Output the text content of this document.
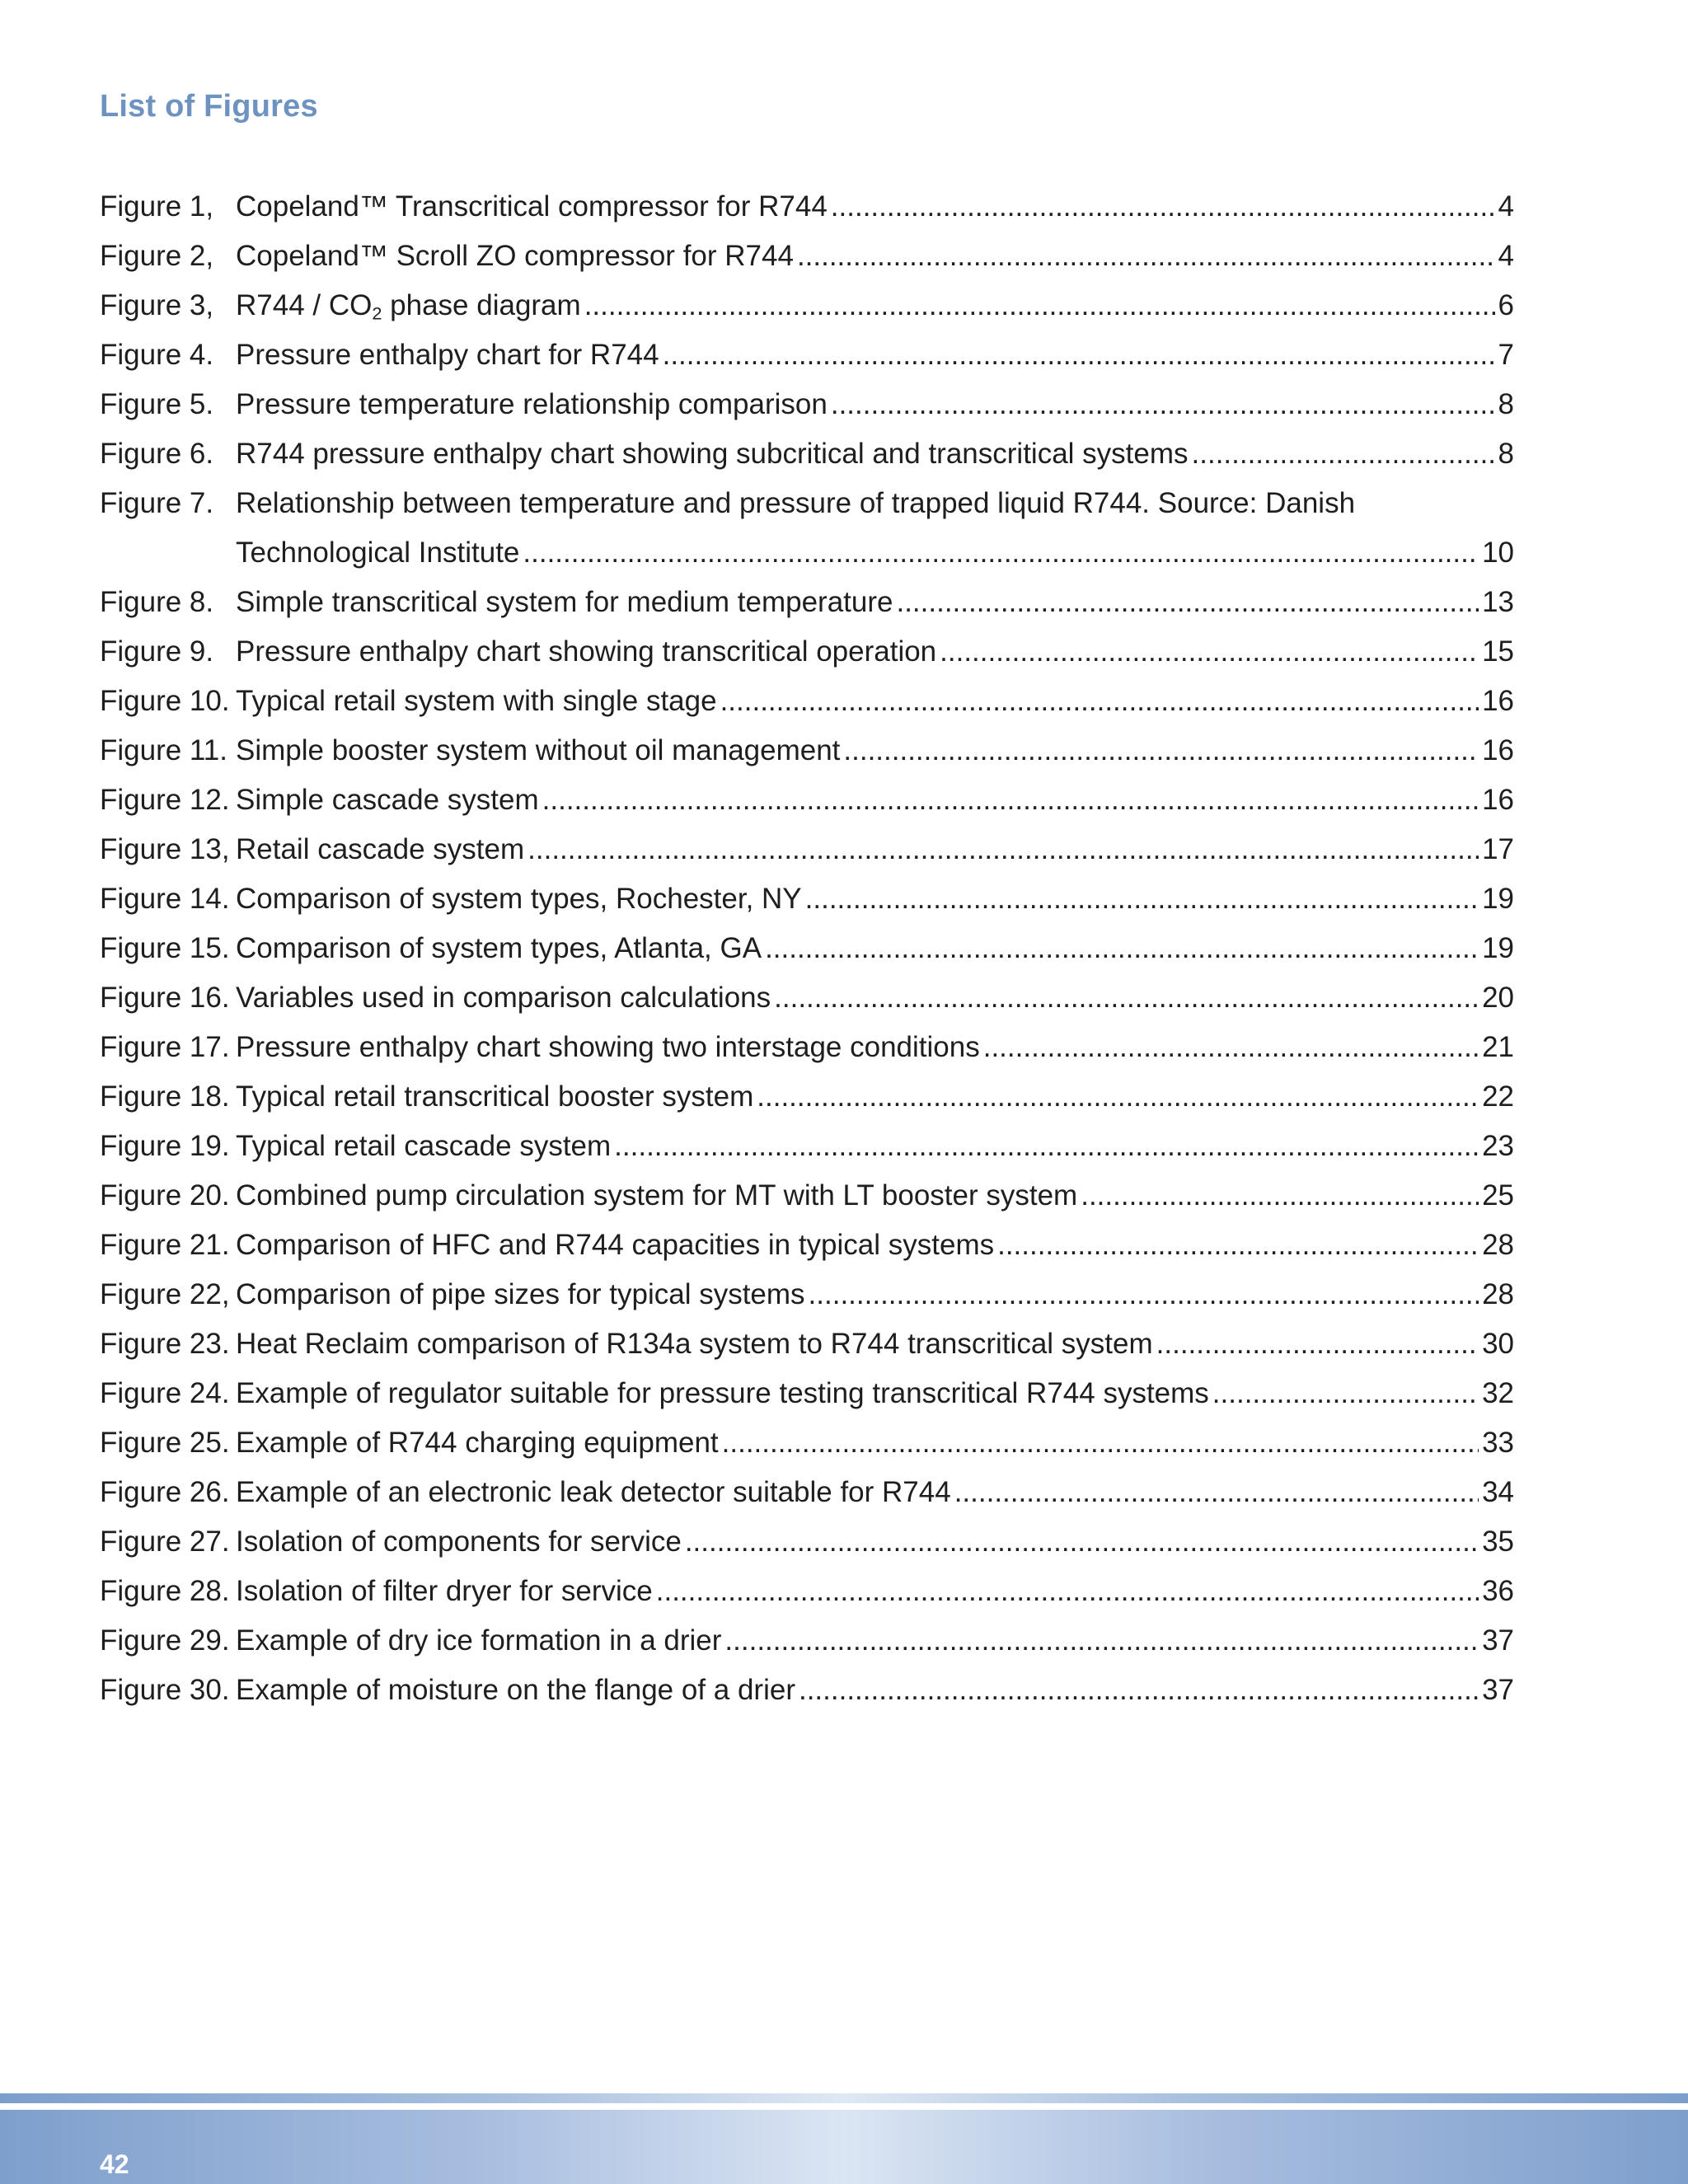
List of Figures
Figure 1, Copeland™ Transcritical compressor for R744 .....	4
Figure 2, Copeland™ Scroll ZO compressor for R744 .....	4
Figure 3, $R744 / CO_2$ phase diagram .....	6
Figure 4. Pressure enthalpy chart for R744 .....	7
Figure 5. Pressure temperature relationship comparison .....	8
Figure 6. R744 pressure enthalpy chart showing subcritical and transcritical systems .....	8
Figure 7. Relationship between temperature and pressure of trapped liquid R744. Source: Danish
Technological Institute .....	10
Figure 8. Simple transcritical system for medium temperature .....	13
Figure 9. Pressure enthalpy chart showing transcritical operation .....	15
Figure 10. Typical retail system with single stage .....	16
Figure 11. Simple booster system without oil management .....	16
Figure 12. Simple cascade system .....	16
Figure 13, Retail cascade system .....	17
Figure 14. Comparison of system types, Rochester, NY .....	19
Figure 15. Comparison of system types, Atlanta, GA .....	19
Figure 16. Variables used in comparison calculations .....	20
Figure 17. Pressure enthalpy chart showing two interstage conditions .....	21
Figure 18. Typical retail transcritical booster system .....	22
Figure 19. Typical retail cascade system .....	23
Figure 20. Combined pump circulation system for MT with LT booster system .....	25
Figure 21. Comparison of HFC and R744 capacities in typical systems .....	28
Figure 22, Comparison of pipe sizes for typical systems .....	28
Figure 23. Heat Reclaim comparison of R134a system to R744 transcritical system .....	30
Figure 24. Example of regulator suitable for pressure testing transcritical R744 systems .....	32
Figure 25. Example of R744 charging equipment .....	33
Figure 26. Example of an electronic leak detector suitable for R744 .....	34
Figure 27. Isolation of components for service .....	35
Figure 28. Isolation of filter dryer for service .....	36
Figure 29. Example of dry ice formation in a drier .....	37
Figure 30. Example of moisture on the flange of a drier .....	37
42
